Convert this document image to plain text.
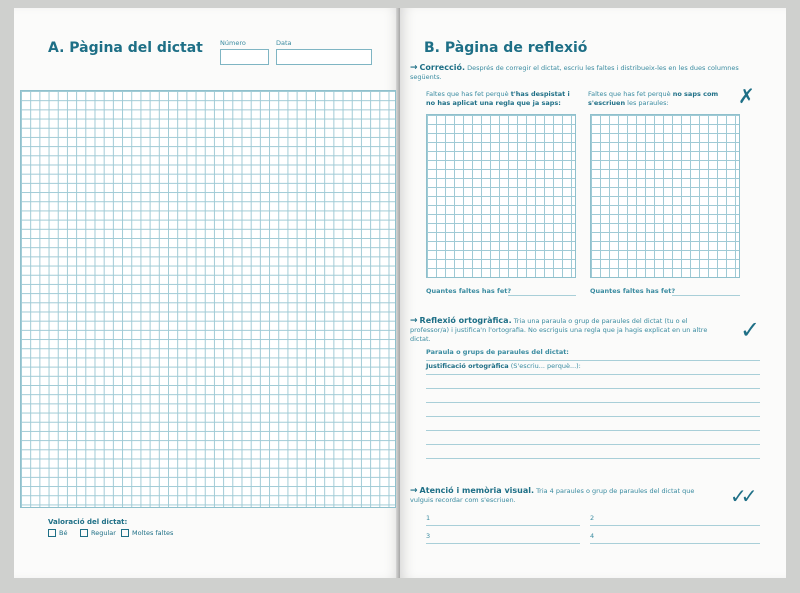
A. Pàgina del dictat	Número	Data
Valoració del dictat:
Bé	Regular	Moltes faltes
B. Pàgina de reflexió
→ Correcció. Després de corregir el dictat, escriu les faltes i distribueix-les en les dues columnes següents.
Faltes que has fet perquè t'has despistat i no has aplicat una regla que ja saps:
Faltes que has fet perquè no saps com s'escriuen les paraules:	✗
Quantes faltes has fet?	Quantes faltes has fet?
→ Reflexió ortogràfica. Tria una paraula o grup de paraules del dictat (tu o el professor/a) i justifica'n l'ortografia. No escriguis una regla que ja hagis explicat en un altre dictat.	✓
Paraula o grups de paraules del dictat:
Justificació ortogràfica (S'escriu... perquè...):
→ Atenció i memòria visual. Tria 4 paraules o grup de paraules del dictat que vulguis recordar com s'escriuen.	✓✓
1	2
3	4
